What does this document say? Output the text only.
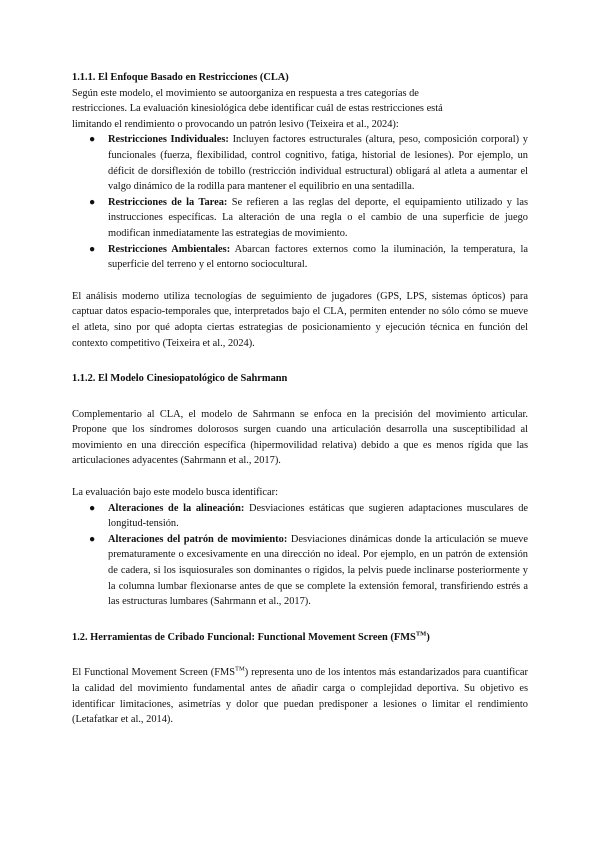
1.1.1. El Enfoque Basado en Restricciones (CLA)

Según este modelo, el movimiento se autoorganiza en respuesta a tres categorías de
restricciones. La evaluación kinesiológica debe identificar cuál de estas restricciones está
limitando el rendimiento o provocando un patrón lesivo (Teixeira et al., 2024):

● Restricciones Individuales: Incluyen factores estructurales (altura, peso, composición corporal) y funcionales (fuerza, flexibilidad, control cognitivo, fatiga, historial de lesiones). Por ejemplo, un déficit de dorsiflexión de tobillo (restricción individual estructural) obligará al atleta a aumentar el valgo dinámico de la rodilla para mantener el equilibrio en una sentadilla.
● Restricciones de la Tarea: Se refieren a las reglas del deporte, el equipamiento utilizado y las instrucciones específicas. La alteración de una regla o el cambio de una superficie de juego modifican inmediatamente las estrategias de movimiento.
● Restricciones Ambientales: Abarcan factores externos como la iluminación, la temperatura, la superficie del terreno y el entorno sociocultural.

El análisis moderno utiliza tecnologías de seguimiento de jugadores (GPS, LPS, sistemas ópticos) para captuar datos espacio-temporales que, interpretados bajo el CLA, permiten entender no sólo cómo se mueve el atleta, sino por qué adopta ciertas estrategias de posicionamiento y ejecución técnica en función del contexto competitivo (Teixeira et al., 2024).

1.1.2. El Modelo Cinesiopatológico de Sahrmann

Complementario al CLA, el modelo de Sahrmann se enfoca en la precisión del movimiento articular. Propone que los síndromes dolorosos surgen cuando una articulación desarrolla una susceptibilidad al movimiento en una dirección específica (hipermovilidad relativa) debido a que es menos rígida que las articulaciones adyacentes (Sahrmann et al., 2017).

La evaluación bajo este modelo busca identificar:

● Alteraciones de la alineación: Desviaciones estáticas que sugieren adaptaciones musculares de longitud-tensión.
● Alteraciones del patrón de movimiento: Desviaciones dinámicas donde la articulación se mueve prematuramente o excesivamente en una dirección no ideal. Por ejemplo, en un patrón de extensión de cadera, si los isquiosurales son dominantes o rígidos, la pelvis puede inclinarse posteriormente y la columna lumbar flexionarse antes de que se complete la extensión femoral, transfiriendo estrés a las estructuras lumbares (Sahrmann et al., 2017).

1.2. Herramientas de Cribado Funcional: Functional Movement Screen (FMS™)

El Functional Movement Screen (FMS™) representa uno de los intentos más estandarizados para cuantificar la calidad del movimiento fundamental antes de añadir carga o complejidad deportiva. Su objetivo es identificar limitaciones, asimetrías y dolor que puedan predisponer a lesiones o limitar el rendimiento (Letafatkar et al., 2014).
